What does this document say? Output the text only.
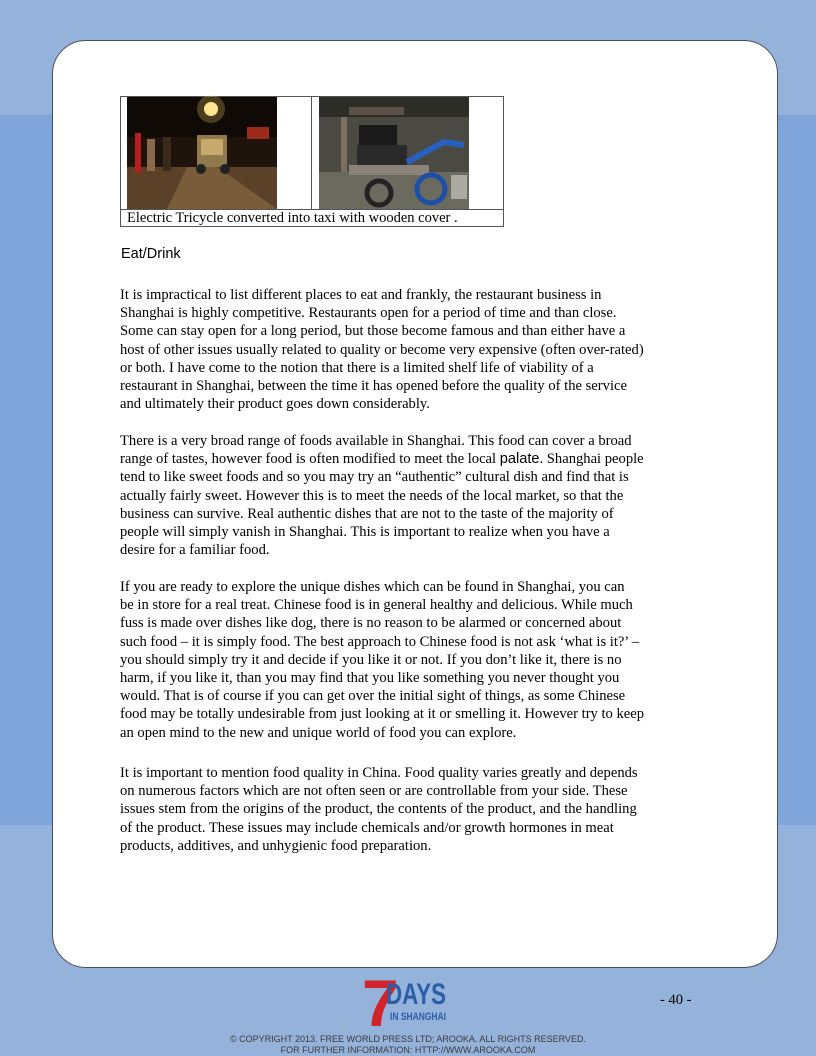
Electric Tricycle converted into taxi with wooden cover .
Eat/Drink
It is impractical to list different places to eat and frankly, the restaurant business in
Shanghai is highly competitive. Restaurants open for a period of time and than close.
Some can stay open for a long period, but those become famous and than either have a
host of other issues usually related to quality or become very expensive (often over-rated)
or both. I have come to the notion that there is a limited shelf life of viability of a
restaurant in Shanghai, between the time it has opened before the quality of the service
and ultimately their product goes down considerably.
There is a very broad range of foods available in Shanghai. This food can cover a broad
range of tastes, however food is often modified to meet the local palate. Shanghai people
tend to like sweet foods and so you may try an “authentic” cultural dish and find that is
actually fairly sweet. However this is to meet the needs of the local market, so that the
business can survive. Real authentic dishes that are not to the taste of the majority of
people will simply vanish in Shanghai. This is important to realize when you have a
desire for a familiar food.
If you are ready to explore the unique dishes which can be found in Shanghai, you can
be in store for a real treat. Chinese food is in general healthy and delicious. While much
fuss is made over dishes like dog, there is no reason to be alarmed or concerned about
such food – it is simply food. The best approach to Chinese food is not ask ‘what is it?’ –
you should simply try it and decide if you like it or not. If you don’t like it, there is no
harm, if you like it, than you may find that you like something you never thought you
would. That is of course if you can get over the initial sight of things, as some Chinese
food may be totally undesirable from just looking at it or smelling it. However try to keep
an open mind to the new and unique world of food you can explore.
It is important to mention food quality in China. Food quality varies greatly and depends
on numerous factors which are not often seen or are controllable from your side. These
issues stem from the origins of the product, the contents of the product, and the handling
of the product. These issues may include chemicals and/or growth hormones in meat
products, additives, and unhygienic food preparation.
7
DAYS
IN SHANGHAI
- 40 -
© COPYRIGHT 2013. FREE WORLD PRESS LTD; AROOKA. ALL RIGHTS RESERVED.
FOR FURTHER INFORMATION: HTTP://WWW.AROOKA.COM
